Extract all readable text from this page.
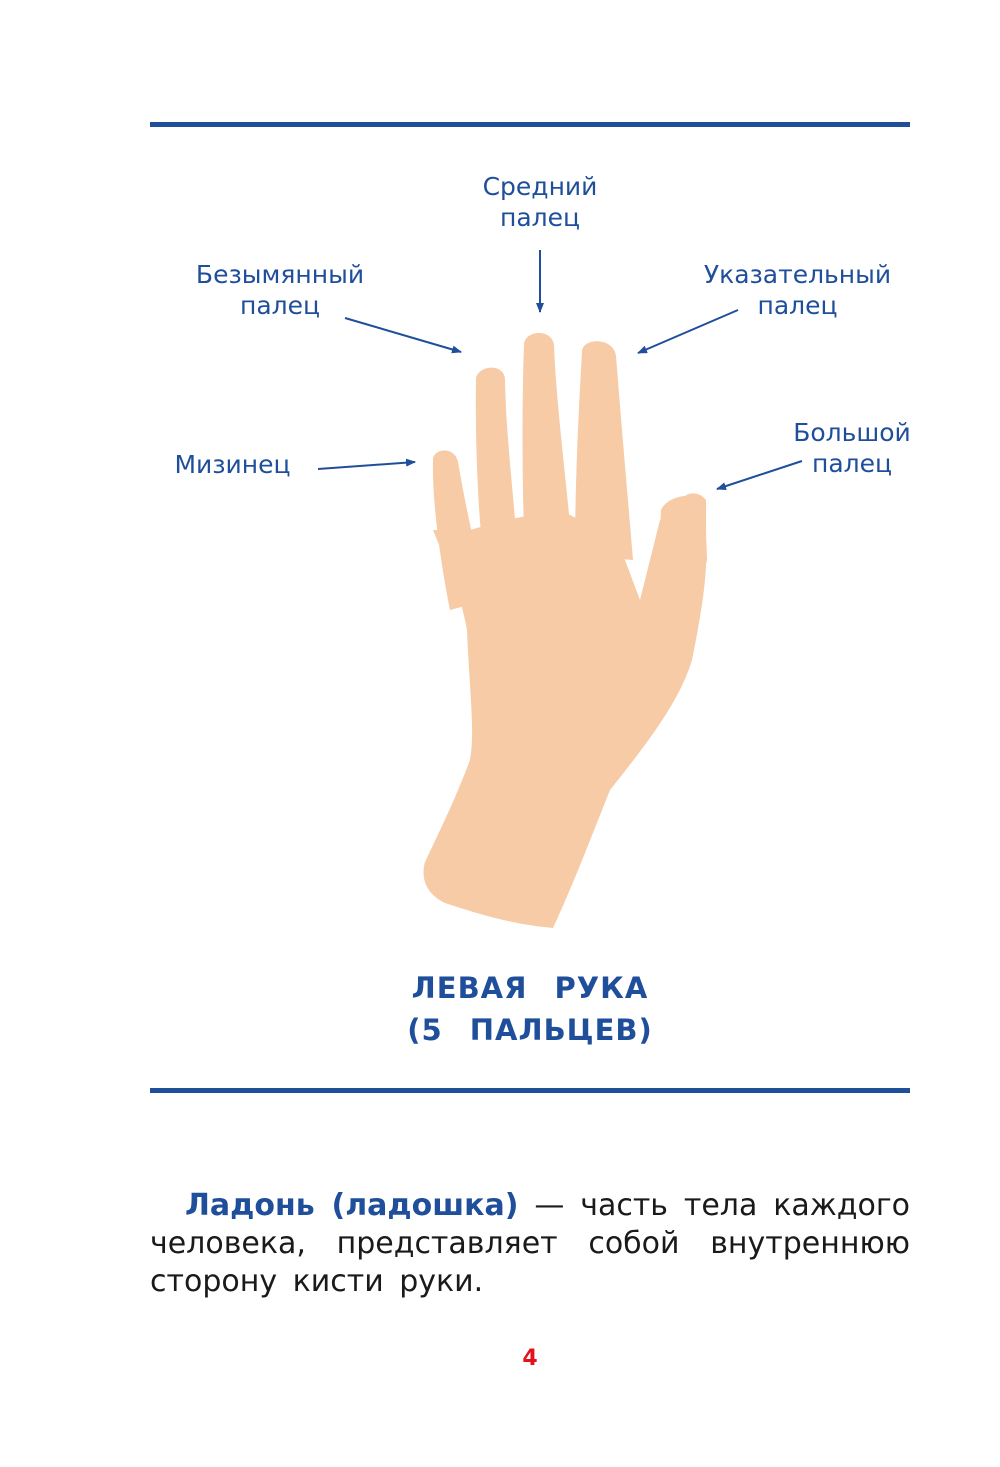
Средний
палец
Безымянный
палец
Указательный
палец
Мизинец
Большой
палец
ЛЕВАЯ РУКА
(5 ПАЛЬЦЕВ)

Ладонь (ладошка) — часть тела каждого человека, представляет собой внутреннюю сторону кисти руки.

4
